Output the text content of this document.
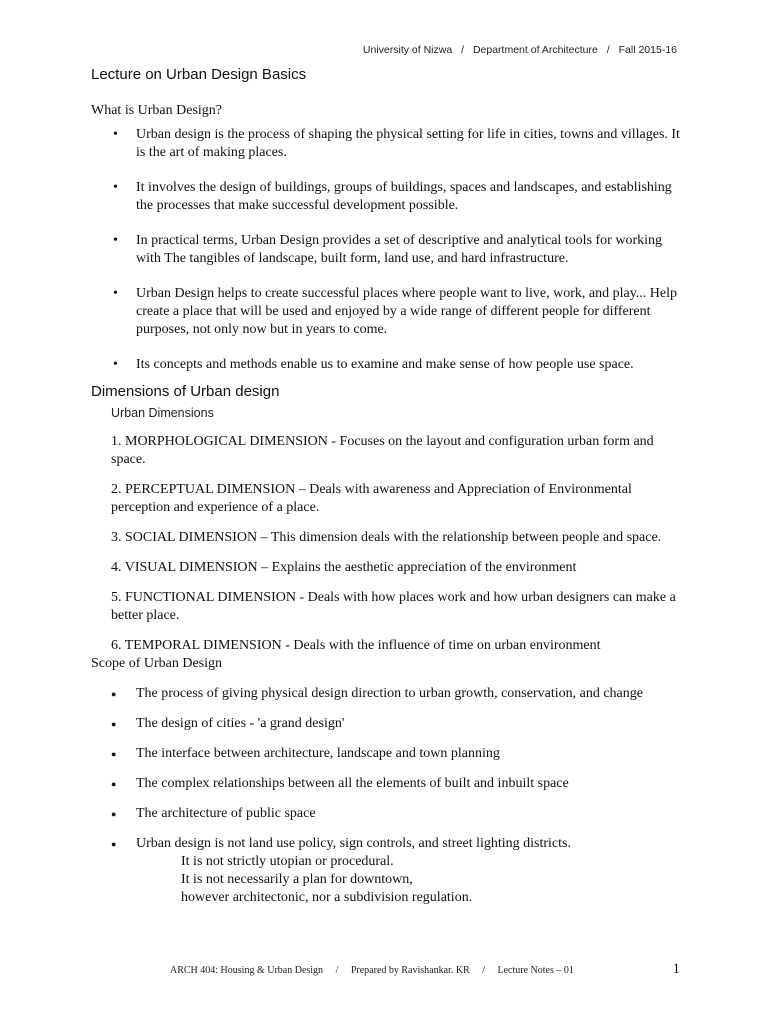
University of Nizwa / Department of Architecture / Fall 2015-16
Lecture on Urban Design Basics
What is Urban Design?
• Urban design is the process of shaping the physical setting for life in cities, towns and villages. It is the art of making places.
• It involves the design of buildings, groups of buildings, spaces and landscapes, and establishing the processes that make successful development possible.
• In practical terms, Urban Design provides a set of descriptive and analytical tools for working with The tangibles of landscape, built form, land use, and hard infrastructure.
• Urban Design helps to create successful places where people want to live, work, and play... Help create a place that will be used and enjoyed by a wide range of different people for different purposes, not only now but in years to come.
• Its concepts and methods enable us to examine and make sense of how people use space.
Dimensions of Urban design
Urban Dimensions
1. MORPHOLOGICAL DIMENSION - Focuses on the layout and configuration urban form and space.
2. PERCEPTUAL DIMENSION – Deals with awareness and Appreciation of Environmental perception and experience of a place.
3. SOCIAL DIMENSION – This dimension deals with the relationship between people and space.
4. VISUAL DIMENSION – Explains the aesthetic appreciation of the environment
5. FUNCTIONAL DIMENSION - Deals with how places work and how urban designers can make a better place.
6. TEMPORAL DIMENSION - Deals with the influence of time on urban environment
Scope of Urban Design
● The process of giving physical design direction to urban growth, conservation, and change
● The design of cities - 'a grand design'
● The interface between architecture, landscape and town planning
● The complex relationships between all the elements of built and inbuilt space
● The architecture of public space
● Urban design is not land use policy, sign controls, and street lighting districts.
It is not strictly utopian or procedural.
It is not necessarily a plan for downtown,
however architectonic, nor a subdivision regulation.
ARCH 404: Housing & Urban Design / Prepared by Ravishankar. KR / Lecture Notes – 01	1
